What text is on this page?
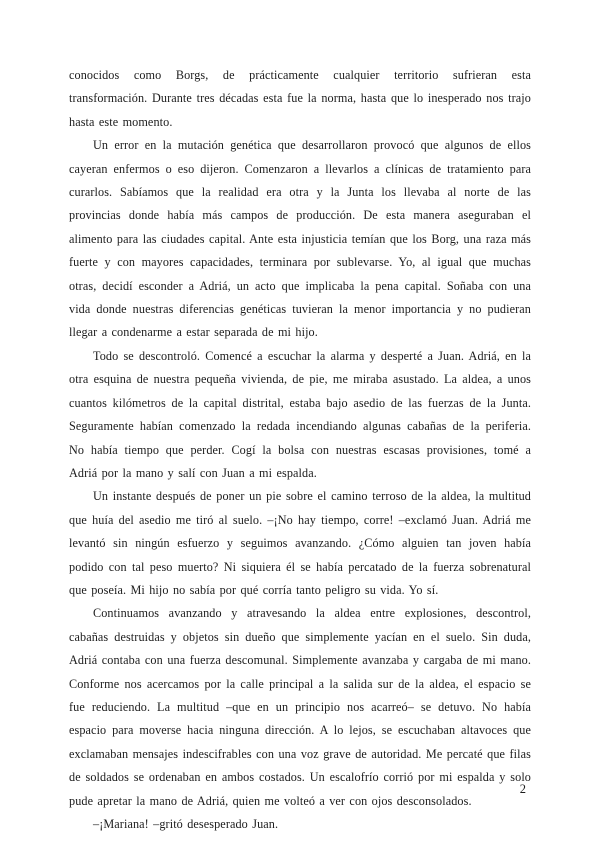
conocidos como Borgs, de prácticamente cualquier territorio sufrieran esta transformación. Durante tres décadas esta fue la norma, hasta que lo inesperado nos trajo hasta este momento.

Un error en la mutación genética que desarrollaron provocó que algunos de ellos cayeran enfermos o eso dijeron. Comenzaron a llevarlos a clínicas de tratamiento para curarlos. Sabíamos que la realidad era otra y la Junta los llevaba al norte de las provincias donde había más campos de producción. De esta manera aseguraban el alimento para las ciudades capital. Ante esta injusticia temían que los Borg, una raza más fuerte y con mayores capacidades, terminara por sublevarse. Yo, al igual que muchas otras, decidí esconder a Adriá, un acto que implicaba la pena capital. Soñaba con una vida donde nuestras diferencias genéticas tuvieran la menor importancia y no pudieran llegar a condenarme a estar separada de mi hijo.

Todo se descontroló. Comencé a escuchar la alarma y desperté a Juan. Adriá, en la otra esquina de nuestra pequeña vivienda, de pie, me miraba asustado. La aldea, a unos cuantos kilómetros de la capital distrital, estaba bajo asedio de las fuerzas de la Junta. Seguramente habían comenzado la redada incendiando algunas cabañas de la periferia. No había tiempo que perder. Cogí la bolsa con nuestras escasas provisiones, tomé a Adriá por la mano y salí con Juan a mi espalda.

Un instante después de poner un pie sobre el camino terroso de la aldea, la multitud que huía del asedio me tiró al suelo. –¡No hay tiempo, corre! –exclamó Juan. Adriá me levantó sin ningún esfuerzo y seguimos avanzando. ¿Cómo alguien tan joven había podido con tal peso muerto? Ni siquiera él se había percatado de la fuerza sobrenatural que poseía. Mi hijo no sabía por qué corría tanto peligro su vida. Yo sí.

Continuamos avanzando y atravesando la aldea entre explosiones, descontrol, cabañas destruidas y objetos sin dueño que simplemente yacían en el suelo. Sin duda, Adriá contaba con una fuerza descomunal. Simplemente avanzaba y cargaba de mi mano. Conforme nos acercamos por la calle principal a la salida sur de la aldea, el espacio se fue reduciendo. La multitud –que en un principio nos acarreó– se detuvo. No había espacio para moverse hacia ninguna dirección. A lo lejos, se escuchaban altavoces que exclamaban mensajes indescifrables con una voz grave de autoridad. Me percaté que filas de soldados se ordenaban en ambos costados. Un escalofrío corrió por mi espalda y solo pude apretar la mano de Adriá, quien me volteó a ver con ojos desconsolados.

–¡Mariana! –gritó desesperado Juan.

2
